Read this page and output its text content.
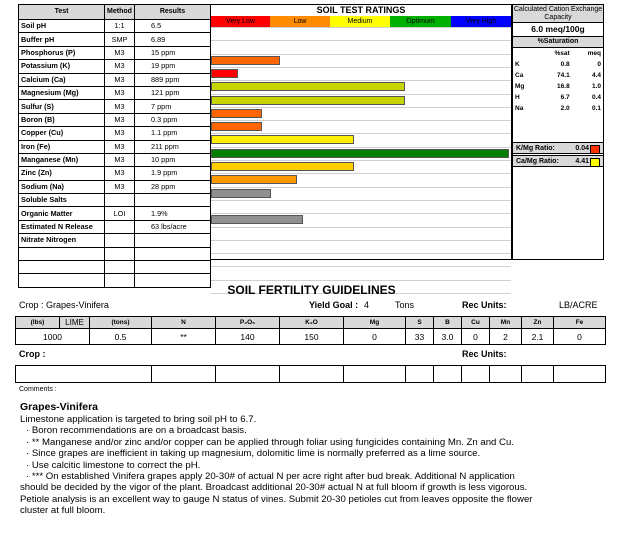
Test	Method	Results
Soil pH	1:1	6.5
Buffer pH	SMP	6.89
Phosphorus (P)	M3	15 ppm
Potassium (K)	M3	19 ppm
Calcium (Ca)	M3	889 ppm
Magnesium (Mg)	M3	121 ppm
Sulfur (S)	M3	7 ppm
Boron (B)	M3	0.3 ppm
Copper (Cu)	M3	1.1 ppm
Iron (Fe)	M3	211 ppm
Manganese (Mn)	M3	10 ppm
Zinc (Zn)	M3	1.9 ppm
Sodium (Na)	M3	28 ppm
Soluble Salts		
Organic Matter	LOI	1.9%
Estimated N Release		63 lbs/acre
Nitrate Nitrogen		

SOIL TEST RATINGS
Very Low	Low	Medium	Optimum	Very High
Calculated Cation Exchange Capacity
6.0 meq/100g
%Saturation
	%sat	meq
K	0.8	0
Ca	74.1	4.4
Mg	16.8	1.0
H	6.7	0.4
Na	2.0	0.1
K/Mg Ratio:	0.04
Ca/Mg Ratio: 4.41
SOIL FERTILITY GUIDELINES
Crop : Grapes-Vinifera	Yield Goal : 4	Tons	Rec Units:	LB/ACRE
(lbs)	LIME	(tons)	N	P₂O₅	K₂O	Mg	S	B	Cu	Mn	Zn	Fe
1000		0.5	**	140	150	0	33	3.0	0	2	2.1	0
Crop :	Rec Units:

Comments :
Grapes-Vinifera
Limestone application is targeted to bring soil pH to 6.7.
· Boron recommendations are on a broadcast basis.
· ** Manganese and/or zinc and/or copper can be applied through foliar using fungicides containing Mn. Zn and Cu.
· Since grapes are inefficient in taking up magnesium, dolomitic lime is normally preferred as a lime source.
· Use calcitic limestone to correct the pH.
· *** On established Vinifera grapes apply 20-30# of actual N per acre right after bud break. Additional N application
should be decided by the vigor of the plant. Broadcast additional 20-30# actual N at full bloom if growth is less vigorous.
Petiole analysis is an excellent way to gauge N status of vines. Submit 20-30 petioles cut from leaves opposite the flower
cluster at full bloom.
